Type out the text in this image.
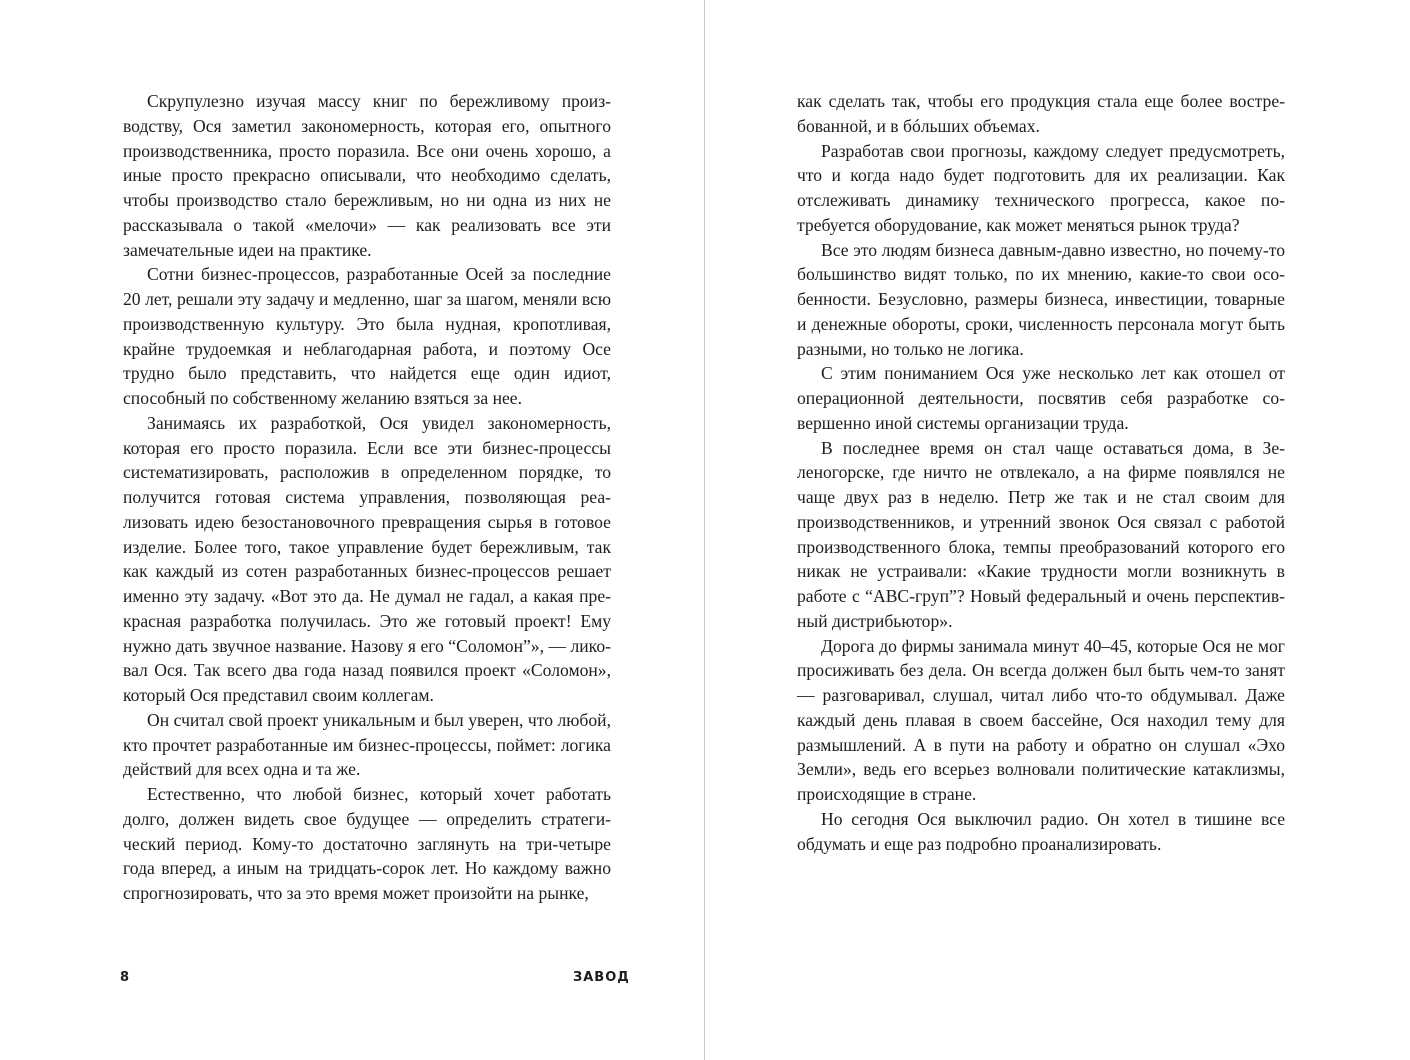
Скрупулезно изучая массу книг по бережливому производству, Ося заметил закономерность, которая его, опытного производственника, просто поразила. Все они очень хорошо, а иные просто прекрасно описывали, что необходимо сделать, чтобы производство стало бережливым, но ни одна из них не рассказывала о такой «мелочи» — как реализовать все эти замечательные идеи на практике.

Сотни бизнес-процессов, разработанные Осей за последние 20 лет, решали эту задачу и медленно, шаг за шагом, меняли всю производственную культуру. Это была нудная, кропотливая, крайне трудоемкая и неблагодарная работа, и поэтому Осе трудно было представить, что найдется еще один идиот, способный по собственному желанию взяться за нее.

Занимаясь их разработкой, Ося увидел закономерность, которая его просто поразила. Если все эти бизнес-процессы систематизировать, расположив в определенном порядке, то получится готовая система управления, позволяющая реализовать идею безостановочного превращения сырья в готовое изделие. Более того, такое управление будет бережливым, так как каждый из сотен разработанных бизнес-процессов решает именно эту задачу. «Вот это да. Не думал не гадал, а какая прекрасная разработка получилась. Это же готовый проект! Ему нужно дать звучное название. Назову я его “Соломон”», — ликовал Ося. Так всего два года назад появился проект «Соломон», который Ося представил своим коллегам.

Он считал свой проект уникальным и был уверен, что любой, кто прочтет разработанные им бизнес-процессы, поймет: логика действий для всех одна и та же.

Естественно, что любой бизнес, который хочет работать долго, должен видеть свое будущее — определить стратегический период. Кому-то достаточно заглянуть на три-четыре года вперед, а иным на тридцать-сорок лет. Но каждому важно спрогнозировать, что за это время может произойти на рынке,

как сделать так, чтобы его продукция стала еще более востребованной, и в бóльших объемах.

Разработав свои прогнозы, каждому следует предусмотреть, что и когда надо будет подготовить для их реализации. Как отслеживать динамику технического прогресса, какое потребуется оборудование, как может меняться рынок труда?

Все это людям бизнеса давным-давно известно, но почему-то большинство видят только, по их мнению, какие-то свои особенности. Безусловно, размеры бизнеса, инвестиции, товарные и денежные обороты, сроки, численность персонала могут быть разными, но только не логика.

С этим пониманием Ося уже несколько лет как отошел от операционной деятельности, посвятив себя разработке совершенно иной системы организации труда.

В последнее время он стал чаще оставаться дома, в Зеленогорске, где ничто не отвлекало, а на фирме появлялся не чаще двух раз в неделю. Петр же так и не стал своим для производственников, и утренний звонок Ося связал с работой производственного блока, темпы преобразований которого его никак не устраивали: «Какие трудности могли возникнуть в работе с “АВС-груп”? Новый федеральный и очень перспективный дистрибьютор».

Дорога до фирмы занимала минут 40–45, которые Ося не мог просиживать без дела. Он всегда должен был быть чем-то занят — разговаривал, слушал, читал либо что-то обдумывал. Даже каждый день плавая в своем бассейне, Ося находил тему для размышлений. А в пути на работу и обратно он слушал «Эхо Земли», ведь его всерьез волновали политические катаклизмы, происходящие в стране.

Но сегодня Ося выключил радио. Он хотел в тишине все обдумать и еще раз подробно проанализировать.

8	ЗАВОД
